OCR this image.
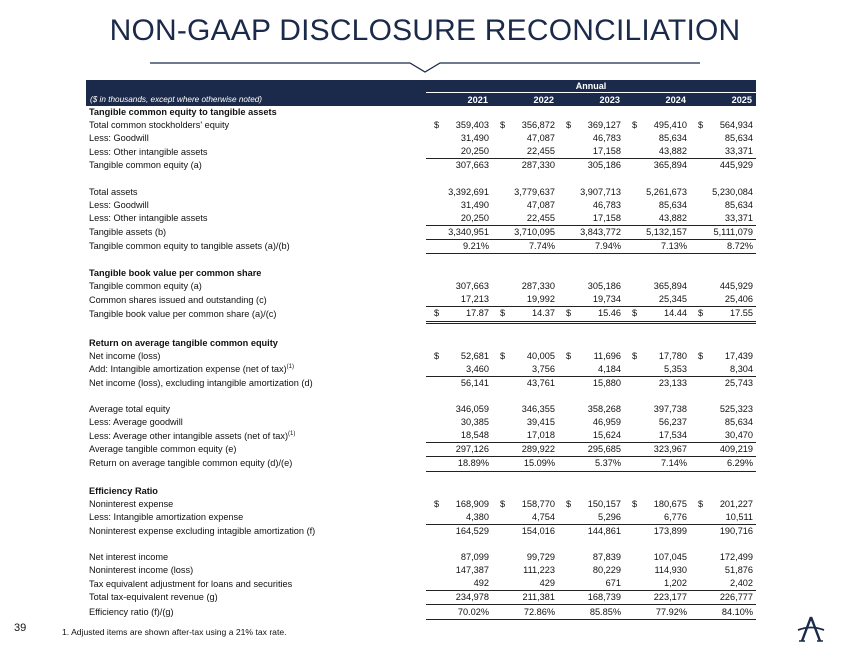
NON-GAAP DISCLOSURE RECONCILIATION
	Annual				
($ in thousands, except where otherwise noted)	2021	2022	2023	2024	2025
Tangible common equity to tangible assets					
Total common stockholders' equity	$ 359,403	$ 356,872	$ 369,127	$ 495,410	$ 564,934
Less: Goodwill	31,490	47,087	46,783	85,634	85,634
Less: Other intangible assets	20,250	22,455	17,158	43,882	33,371
Tangible common equity (a)	307,663	287,330	305,186	365,894	445,929

Total assets	3,392,691	3,779,637	3,907,713	5,261,673	5,230,084
Less: Goodwill	31,490	47,087	46,783	85,634	85,634
Less: Other intangible assets	20,250	22,455	17,158	43,882	33,371
Tangible assets (b)	3,340,951	3,710,095	3,843,772	5,132,157	5,111,079
Tangible common equity to tangible assets (a)/(b)	9.21%	7.74%	7.94%	7.13%	8.72%

Tangible book value per common share					
Tangible common equity (a)	307,663	287,330	305,186	365,894	445,929
Common shares issued and outstanding (c)	17,213	19,992	19,734	25,345	25,406
Tangible book value per common share (a)/(c)	$ 17.87	$ 14.37	$ 15.46	$ 14.44	$ 17.55

Return on average tangible common equity					
Net income (loss)	$ 52,681	$ 40,005	$ 11,696	$ 17,780	$ 17,439
Add: Intangible amortization expense (net of tax)$^{(1)}$	3,460	3,756	4,184	5,353	8,304
Net income (loss), excluding intangible amortization (d)	56,141	43,761	15,880	23,133	25,743

Average total equity	346,059	346,355	358,268	397,738	525,323
Less: Average goodwill	30,385	39,415	46,959	56,237	85,634
Less: Average other intangible assets (net of tax)$^{(1)}$	18,548	17,018	15,624	17,534	30,470
Average tangible common equity (e)	297,126	289,922	295,685	323,967	409,219
Return on average tangible common equity (d)/(e)	18.89%	15.09%	5.37%	7.14%	6.29%

Efficiency Ratio					
Noninterest expense	$ 168,909	$ 158,770	$ 150,157	$ 180,675	$ 201,227
Less: Intangible amortization expense	4,380	4,754	5,296	6,776	10,511
Noninterest expense excluding intagible amortization (f)	164,529	154,016	144,861	173,899	190,716

Net interest income	87,099	99,729	87,839	107,045	172,499
Noninterest income (loss)	147,387	111,223	80,229	114,930	51,876
Tax equivalent adjustment for loans and securities	492	429	671	1,202	2,402
Total tax-equivalent revenue (g)	234,978	211,381	168,739	223,177	226,777
Efficiency ratio (f)/(g)	70.02%	72.86%	85.85%	77.92%	84.10%
39	1. Adjusted items are shown after-tax using a 21% tax rate.
